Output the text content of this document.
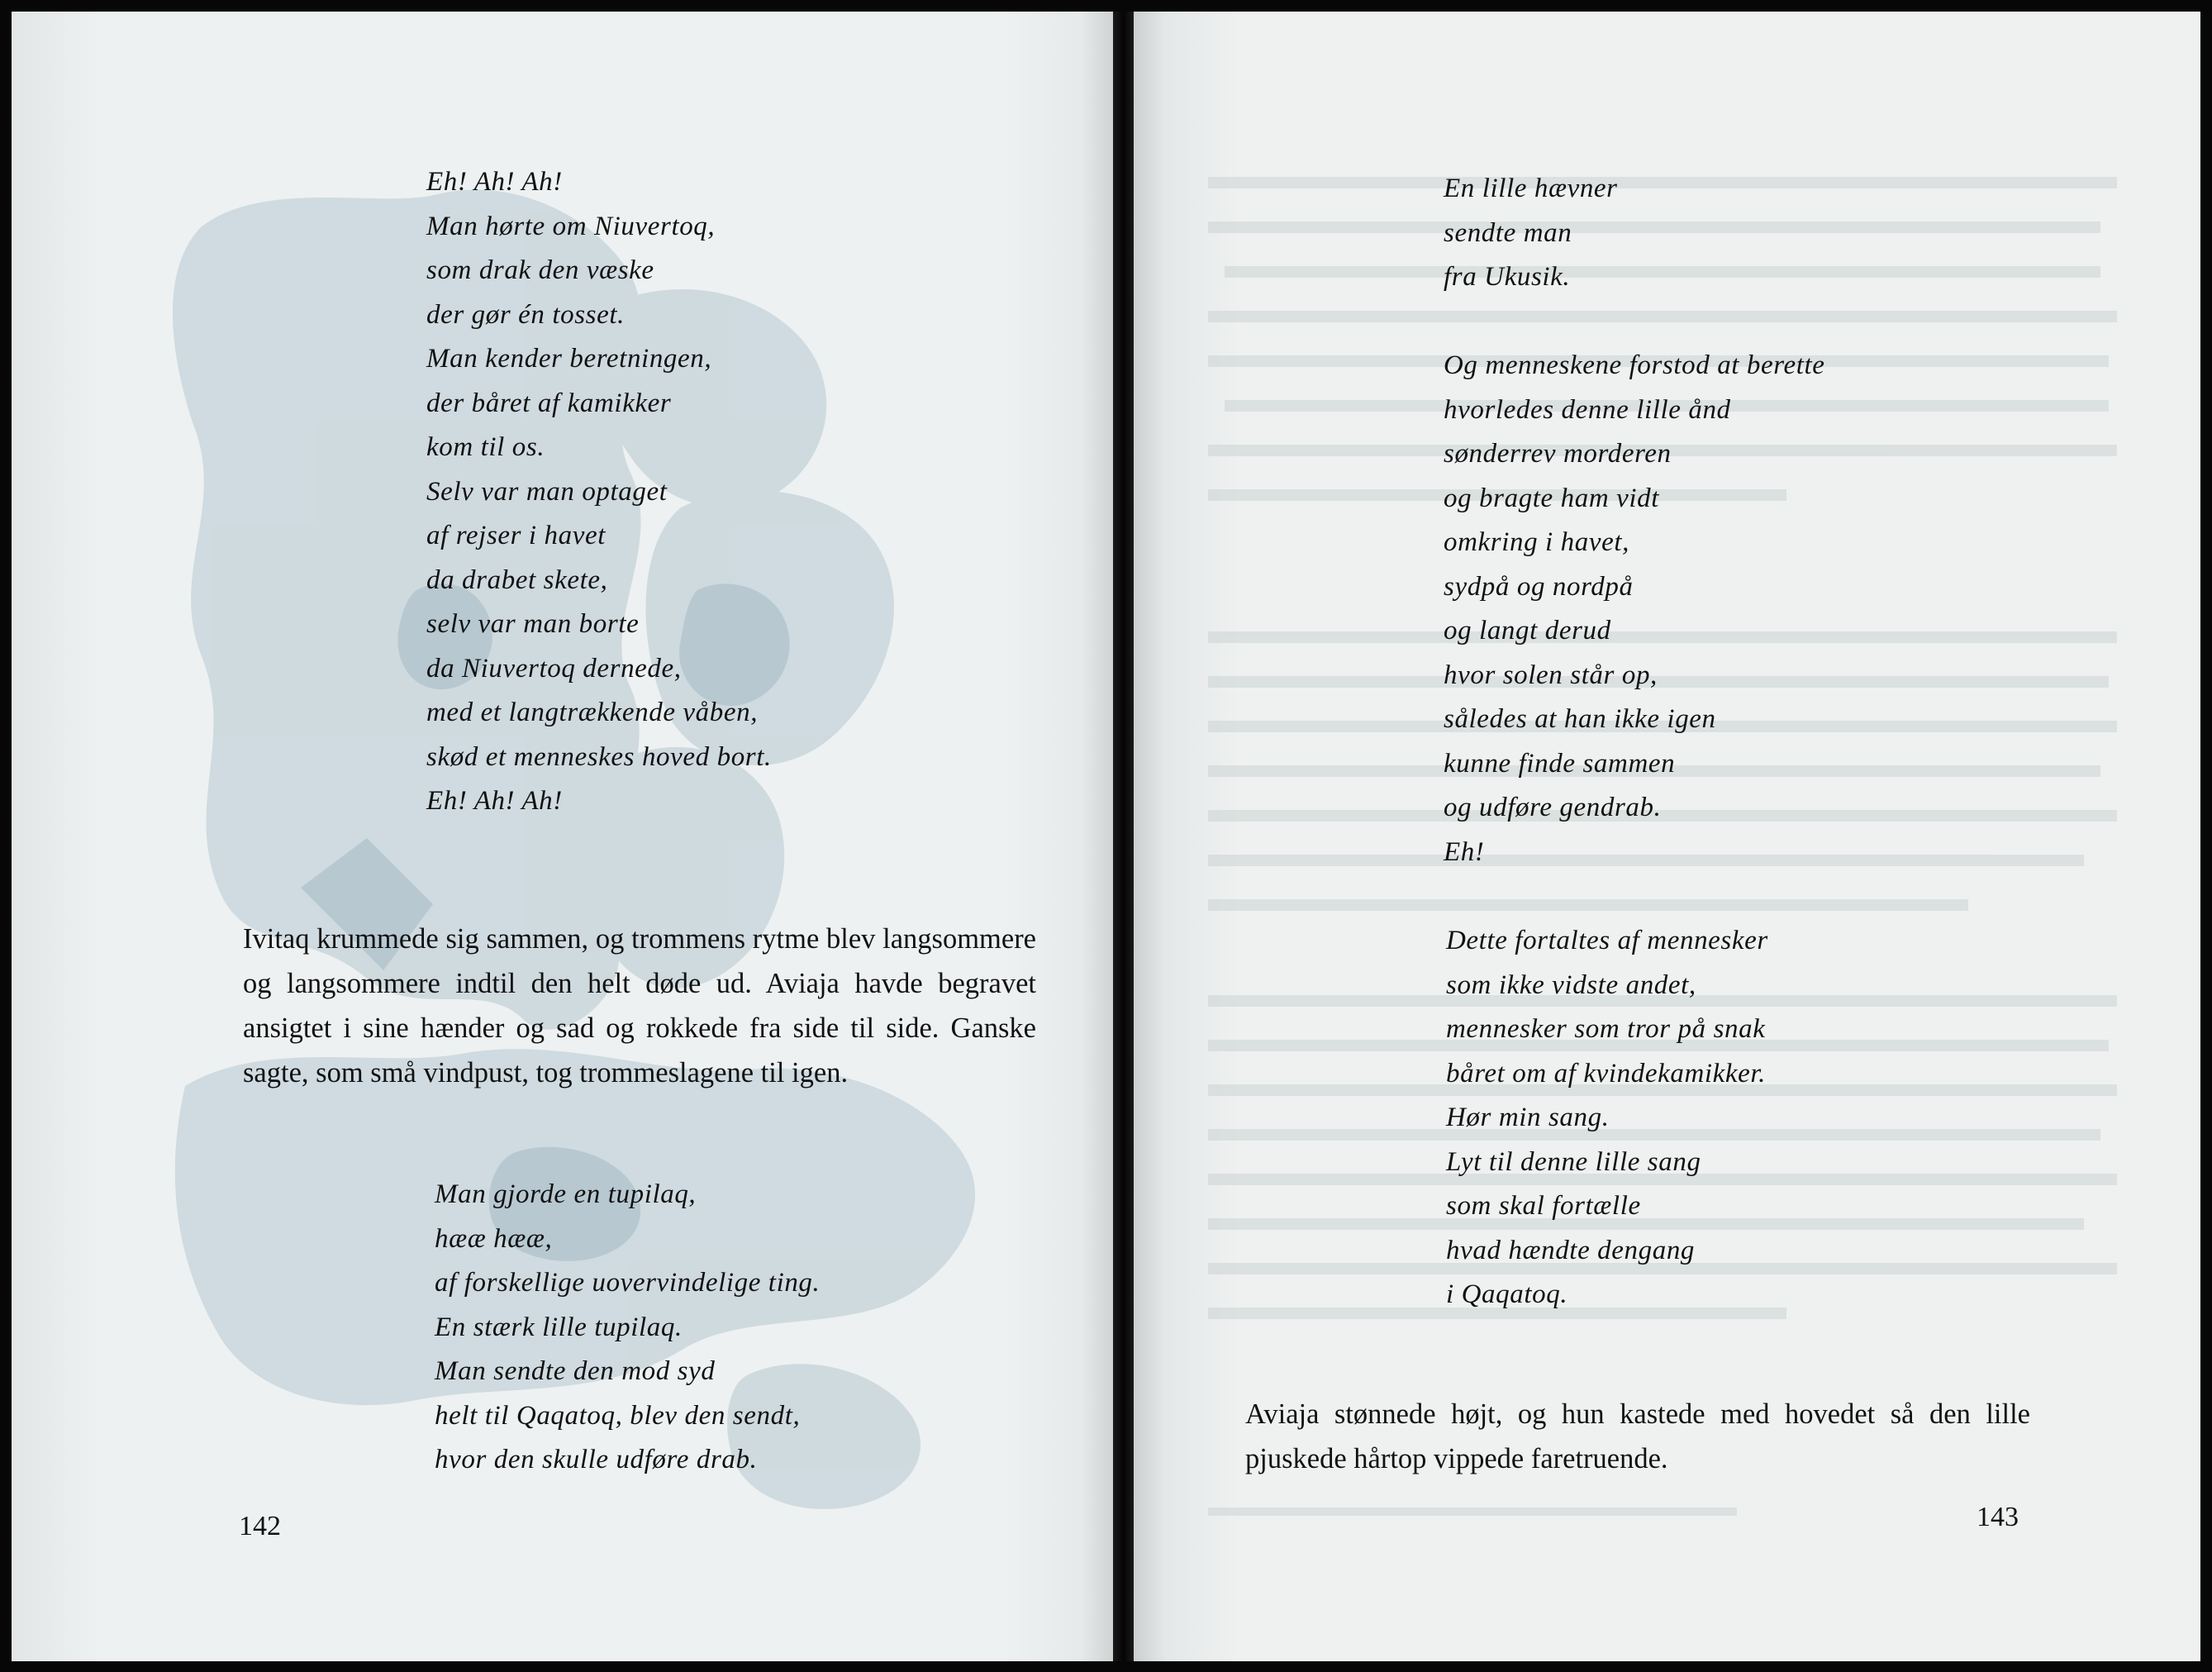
Eh! Ah! Ah!
Man hørte om Niuvertoq,
som drak den væske
der gør én tosset.
Man kender beretningen,
der båret af kamikker
kom til os.
Selv var man optaget
af rejser i havet
da drabet skete,
selv var man borte
da Niuvertoq dernede,
med et langtrækkende våben,
skød et menneskes hoved bort.
Eh! Ah! Ah!

Ivitaq krummede sig sammen, og trommens rytme blev langsommere og langsommere indtil den helt døde ud. Aviaja havde begravet ansigtet i sine hænder og sad og rokkede fra side til side. Ganske sagte, som små vindpust, tog trommeslagene til igen.

Man gjorde en tupilaq,
hææ hææ,
af forskellige uovervindelige ting.
En stærk lille tupilaq.
Man sendte den mod syd
helt til Qaqatoq, blev den sendt,
hvor den skulle udføre drab.
142
En lille hævner
sendte man
fra Ukusik.
Og menneskene forstod at berette
hvorledes denne lille ånd
sønderrev morderen
og bragte ham vidt
omkring i havet,
sydpå og nordpå
og langt derud
hvor solen står op,
således at han ikke igen
kunne finde sammen
og udføre gendrab.
Eh!
Dette fortaltes af mennesker
som ikke vidste andet,
mennesker som tror på snak
båret om af kvindekamikker.
Hør min sang.
Lyt til denne lille sang
som skal fortælle
hvad hændte dengang
i Qaqatoq.

Aviaja stønnede højt, og hun kastede med hovedet så den lille pjuskede hårtop vippede faretruende.

143
